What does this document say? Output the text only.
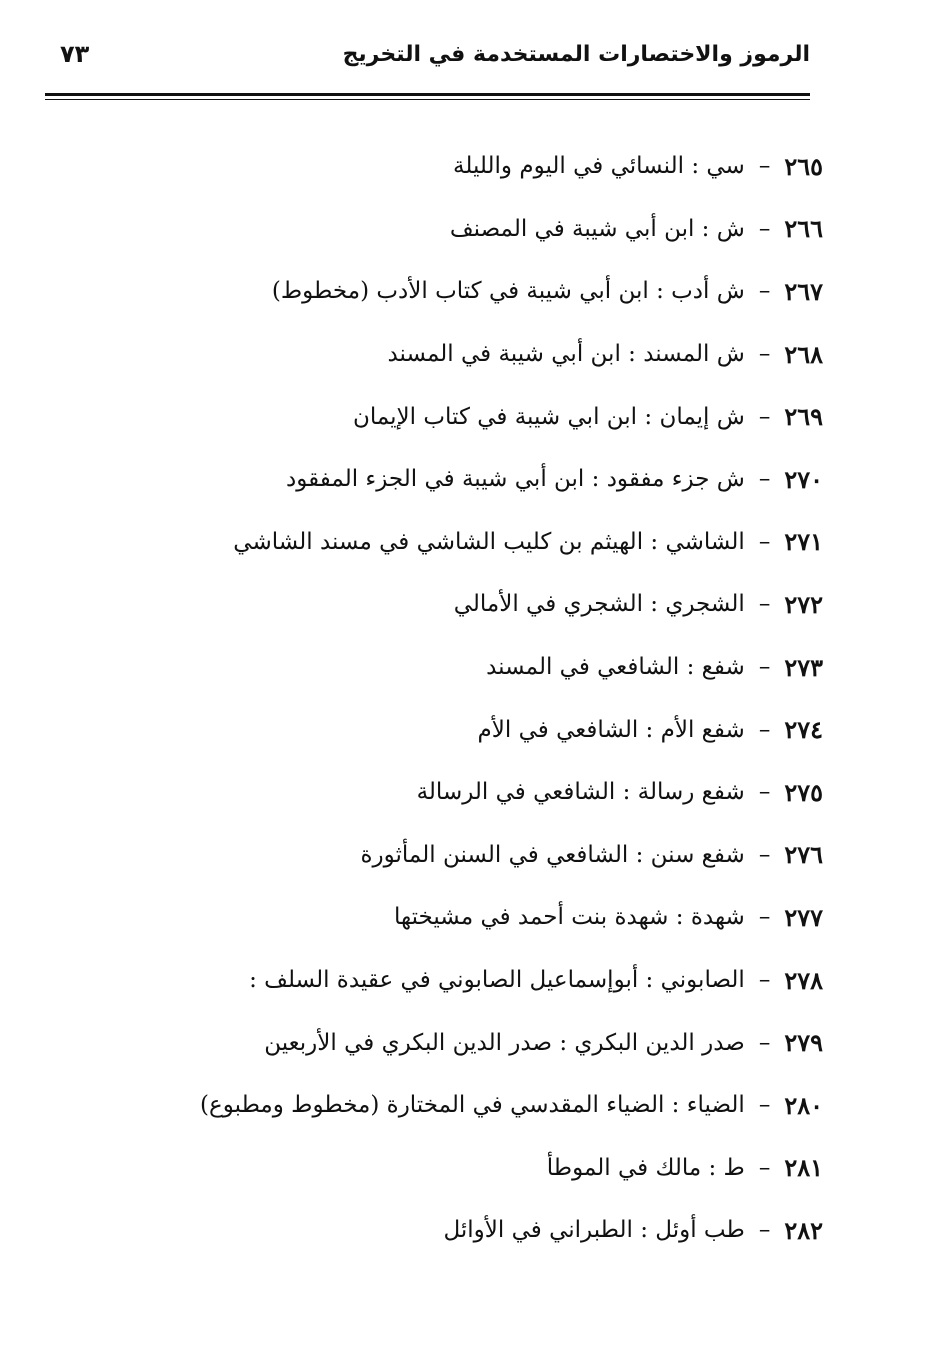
٧٣	الرموز والاختصارات المستخدمة في التخريج
٢٦٥
–
سي : النسائي في اليوم والليلة
٢٦٦
–
ش : ابن أبي شيبة في المصنف
٢٦٧
–
ش أدب : ابن أبي شيبة في كتاب الأدب (مخطوط)
٢٦٨
–
ش المسند : ابن أبي شيبة في المسند
٢٦٩
–
ش إيمان : ابن ابي شيبة في كتاب الإيمان
٢٧٠
–
ش جزء مفقود : ابن أبي شيبة في الجزء المفقود
٢٧١
–
الشاشي : الهيثم بن كليب الشاشي في مسند الشاشي
٢٧٢
–
الشجري : الشجري في الأمالي
٢٧٣
–
شفع : الشافعي في المسند
٢٧٤
–
شفع الأم : الشافعي في الأم
٢٧٥
–
شفع رسالة : الشافعي في الرسالة
٢٧٦
–
شفع سنن : الشافعي في السنن المأثورة
٢٧٧
–
شهدة : شهدة بنت أحمد في مشيختها
٢٧٨
–
الصابوني : أبوإسماعيل الصابوني في عقيدة السلف :
٢٧٩
–
صدر الدين البكري : صدر الدين البكري في الأربعين
٢٨٠
–
الضياء : الضياء المقدسي في المختارة (مخطوط ومطبوع)
٢٨١
–
ط : مالك في الموطأ
٢٨٢
–
طب أوئل : الطبراني في الأوائل
